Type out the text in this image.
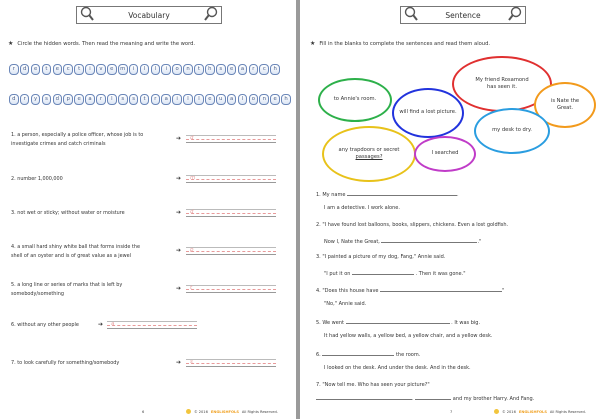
Vocabulary
★ Circle the hidden words. Then read the meaning and write the word.
r	d	e	t	e	c	t	i	v	e	m	i	l	l	i	o	n	t	h	s	e	a	r	c	h
d	r	y	s	d	p	e	a	r	l	s	s	t	r	a	i	l	l	e	u	a	l	o	n	e	h
1. a person, especially a police officer, whose job is to
investigate crimes and catch criminals
➔ d
2. number 1,000,000	➔ m
3. not wet or sticky; without water or moisture	➔ d
4. a small hard shiny white ball that forms inside the
shell of an oyster and is of great value as a jewel
➔ p
5. a long line or series of marks that is left by
somebody/something
➔ t
6. without any other people	➔ a
7. to look carefully for something/somebody	➔ s
6	© 2016 ENGLISHFOLS All Rights Reserved.
Sentence
★ Fill in the blanks to complete the sentences and read them aloud.
My friend Rosamond
has seen it.
to Annie's room.
will find a lost picture.
is Nate the
Great.
my desk to dry.
any trapdoors or secret
passages?
I searched
1. My name	.
I am a detective. I work alone.
2. "I have found lost balloons, books, slippers, chickens. Even a lost goldfish.
Now I, Nate the Great,	."
3. "I painted a picture of my dog, Fang," Annie said.
"I put it on	. Then it was gone."
4. "Does this house have	"
"No," Annie said.
5. We went	. It was big.
It had yellow walls, a yellow bed, a yellow chair, and a yellow desk.
6.	the room.
I looked on the desk. And under the desk. And in the desk.
7. "Now tell me. Who has seen your picture?"
.	and my brother Harry. And Fang.
7	© 2016 ENGLISHFOLS All Rights Reserved.
